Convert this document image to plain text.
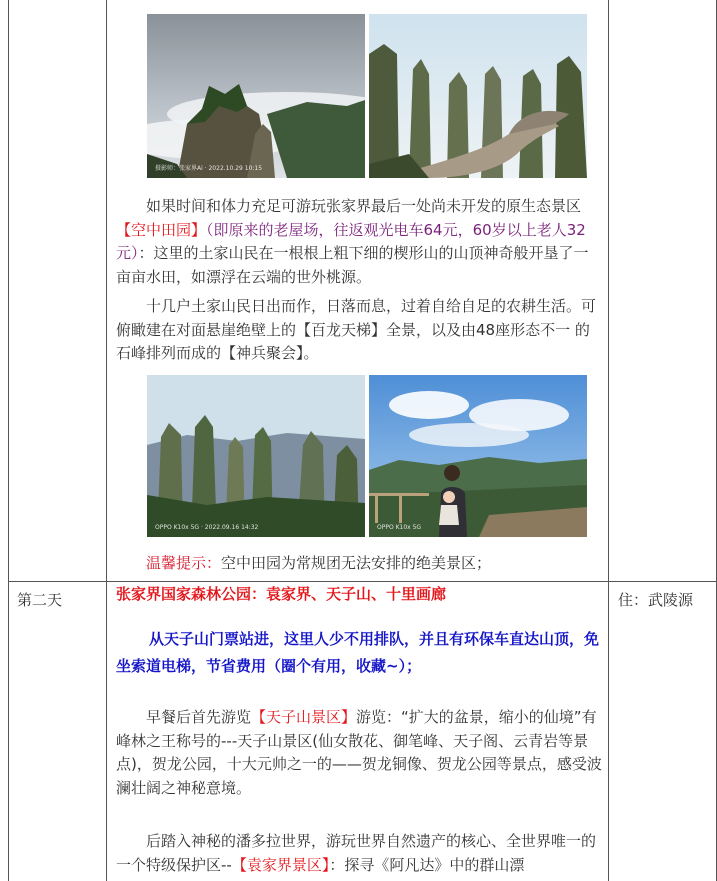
摄影师：张家界Ai · 2022.10.29 10:15
如果时间和体力充足可游玩张家界最后一处尚未开发的原生态景区【空中田园】（即原来的老屋场，往返观光电车64元，60岁以上老人32元）：这里的土家山民在一根根上粗下细的楔形山的山顶神奇般开垦了一亩亩水田，如漂浮在云端的世外桃源。
十几户土家山民日出而作，日落而息，过着自给自足的农耕生活。可俯瞰建在对面悬崖绝壁上的【百龙天梯】全景，以及由48座形态不一 的石峰排列而成的【神兵聚会】。
OPPO K10x 5G · 2022.09.16 14:32	OPPO K10x 5G
温馨提示：空中田园为常规团无法安排的绝美景区；
第二天	住：武陵源
张家界国家森林公园：袁家界、天子山、十里画廊
从天子山门票站进，这里人少不用排队，并且有环保车直达山顶，免坐索道电梯，节省费用（圈个有用，收藏~）；
早餐后首先游览【天子山景区】游览：“扩大的盆景，缩小的仙境”有峰林之王称号的---天子山景区(仙女散花、御笔峰、天子阁、云青岩等景点)，贺龙公园，十大元帅之一的——贺龙铜像、贺龙公园等景点，感受波澜壮阔之神秘意境。
后踏入神秘的潘多拉世界，游玩世界自然遗产的核心、全世界唯一的一个特级保护区--【袁家界景区】：探寻《阿凡达》中的群山漂
